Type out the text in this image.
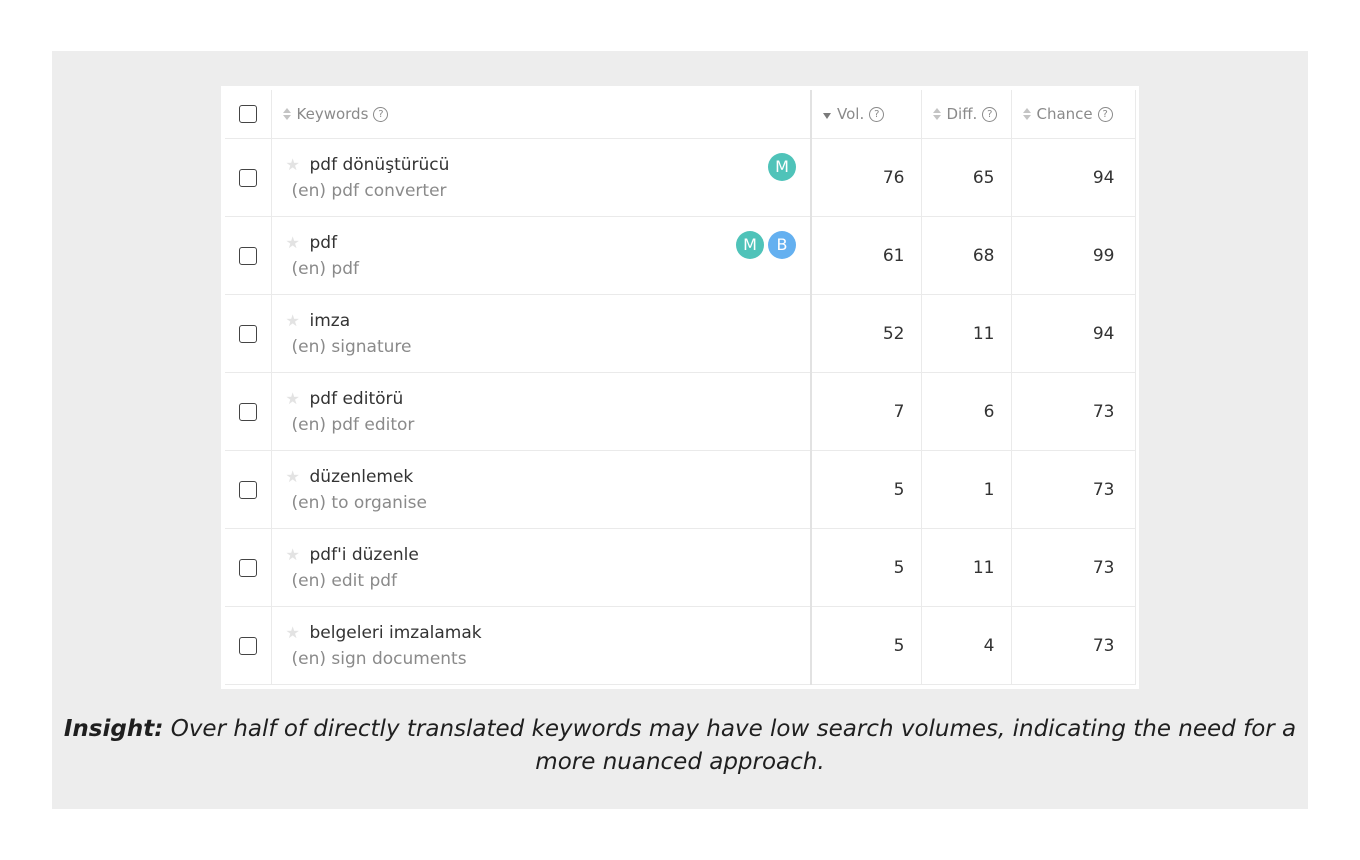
	Keywords ?	Vol. ?	Diff. ?	Chance ?

	★ pdf dönüştürücü
(en) pdf converter
M	76	65	94

	★ pdf
(en) pdf
M B	61	68	99

	★ imza
(en) signature	52	11	94

	★ pdf editörü
(en) pdf editor	7	6	73

	★ düzenlemek
(en) to organise	5	1	73

	★ pdf'i düzenle
(en) edit pdf	5	11	73

	★ belgeleri imzalamak
(en) sign documents	5	4	73
Insight: Over half of directly translated keywords may have low search volumes, indicating the need for a more nuanced approach.
